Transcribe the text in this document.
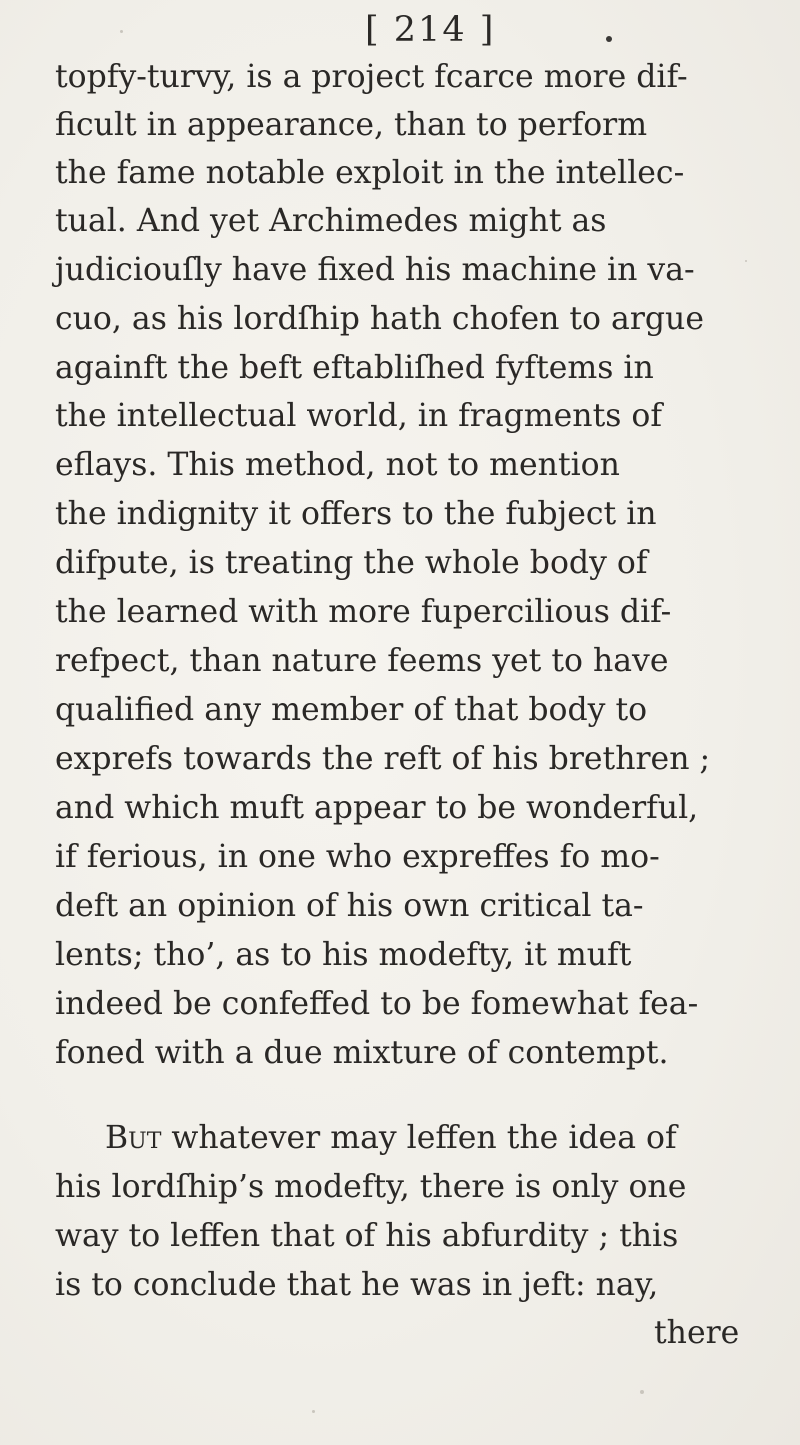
[ 214 ]
topfy-turvy, is a project fcarce more dif-
ficult in appearance, than to perform
the fame notable exploit in the intellec-
tual. And yet Archimedes might as
judiciouſly have fixed his machine in va-
cuo, as his lordſhip hath chofen to argue
againft the beft eftabliſhed fyftems in
the intellectual world, in fragments of
eflays. This method, not to mention
the indignity it offers to the fubject in
difpute, is treating the whole body of
the learned with more fupercilious dif-
refpect, than nature feems yet to have
qualified any member of that body to
exprefs towards the reft of his brethren ;
and which muft appear to be wonderful,
if ferious, in one who expreffes fo mo-
deft an opinion of his own critical ta-
lents; tho’, as to his modefty, it muft
indeed be confeffed to be fomewhat fea-
foned with a due mixture of contempt.
But whatever may leffen the idea of
his lordſhip’s modefty, there is only one
way to leffen that of his abfurdity ; this
is to conclude that he was in jeft: nay,
there
